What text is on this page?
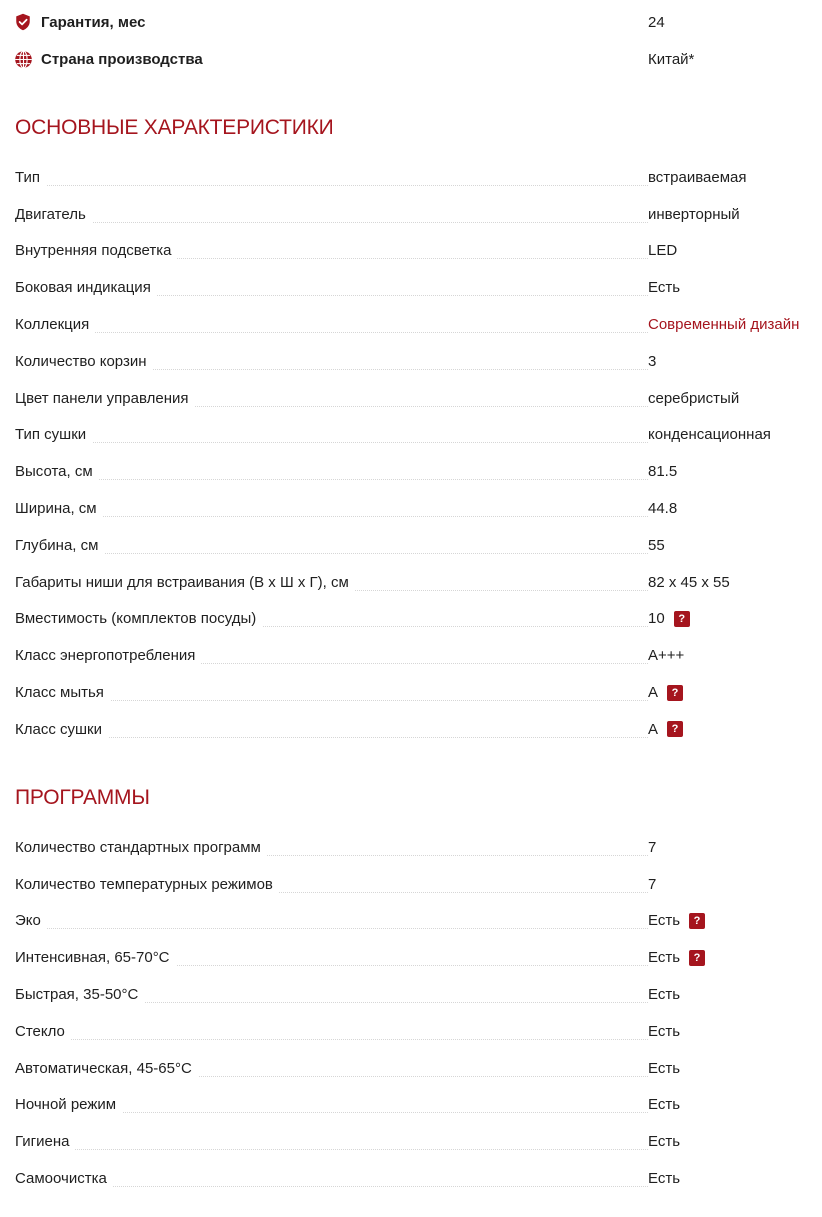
Гарантия, мес	24
Страна производства	Китай*
ОСНОВНЫЕ ХАРАКТЕРИСТИКИ
Тип	встраиваемая
Двигатель	инверторный
Внутренняя подсветка	LED
Боковая индикация	Есть
Коллекция	Современный дизайн
Количество корзин	3
Цвет панели управления	серебристый
Тип сушки	конденсационная
Высота, см	81.5
Ширина, см	44.8
Глубина, см	55
Габариты ниши для встраивания (В х Ш х Г), см	82 х 45 х 55
Вместимость (комплектов посуды)	10	?
Класс энергопотребления	A+++
Класс мытья	A	?
Класс сушки	A	?
ПРОГРАММЫ
Количество стандартных программ	7
Количество температурных режимов	7
Эко	Есть	?
Интенсивная, 65-70°C	Есть	?
Быстрая, 35-50°C	Есть
Стекло	Есть
Автоматическая, 45-65°C	Есть
Ночной режим	Есть
Гигиена	Есть
Самоочистка	Есть
